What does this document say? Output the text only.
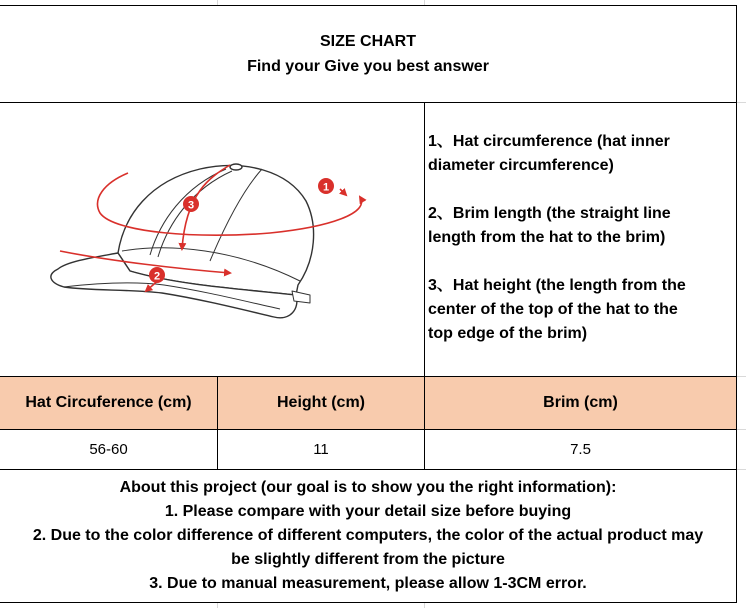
SIZE CHART
Find your Give you best answer
1
2
3

1、Hat circumference (hat inner
diameter circumference)

2、Brim length (the straight line
length from the hat to the brim)

3、Hat height (the length from the
center of the top of the hat to the
top edge of the brim)

Hat Circuference (cm)	Height (cm)	Brim (cm)
56-60	11	7.5
About this project (our goal is to show you the right information):
1. Please compare with your detail size before buying
2. Due to the color difference of different computers, the color of the actual product may
be slightly different from the picture
3. Due to manual measurement, please allow 1-3CM error.
